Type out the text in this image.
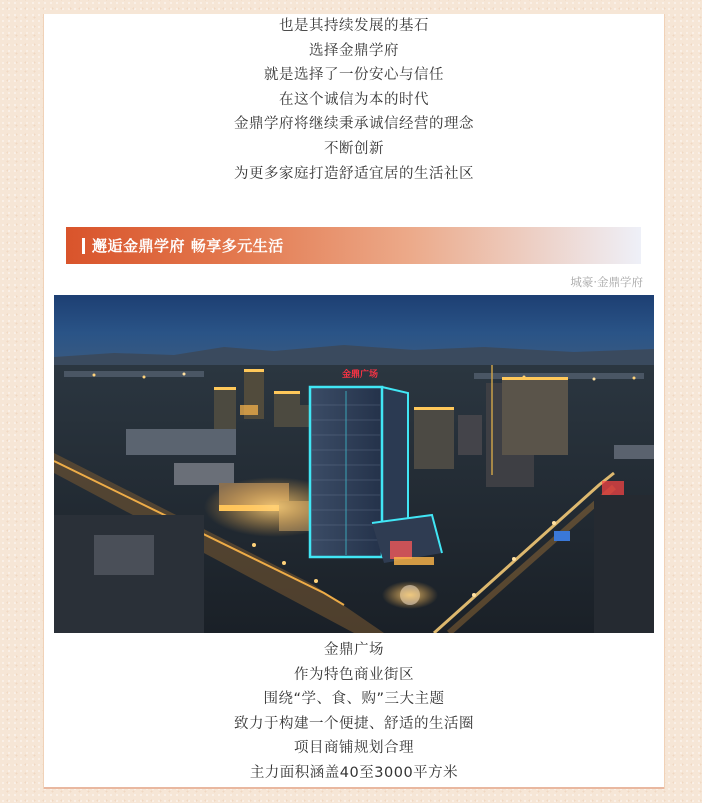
也是其持续发展的基石
选择金鼎学府
就是选择了一份安心与信任
在这个诚信为本的时代
金鼎学府将继续秉承诚信经营的理念
不断创新
为更多家庭打造舒适宜居的生活社区
邂逅金鼎学府 畅享多元生活
城豪·金鼎学府
金鼎广场
金鼎广场
作为特色商业街区
围绕“学、食、购”三大主题
致力于构建一个便捷、舒适的生活圈
项目商铺规划合理
主力面积涵盖40至3000平方米
